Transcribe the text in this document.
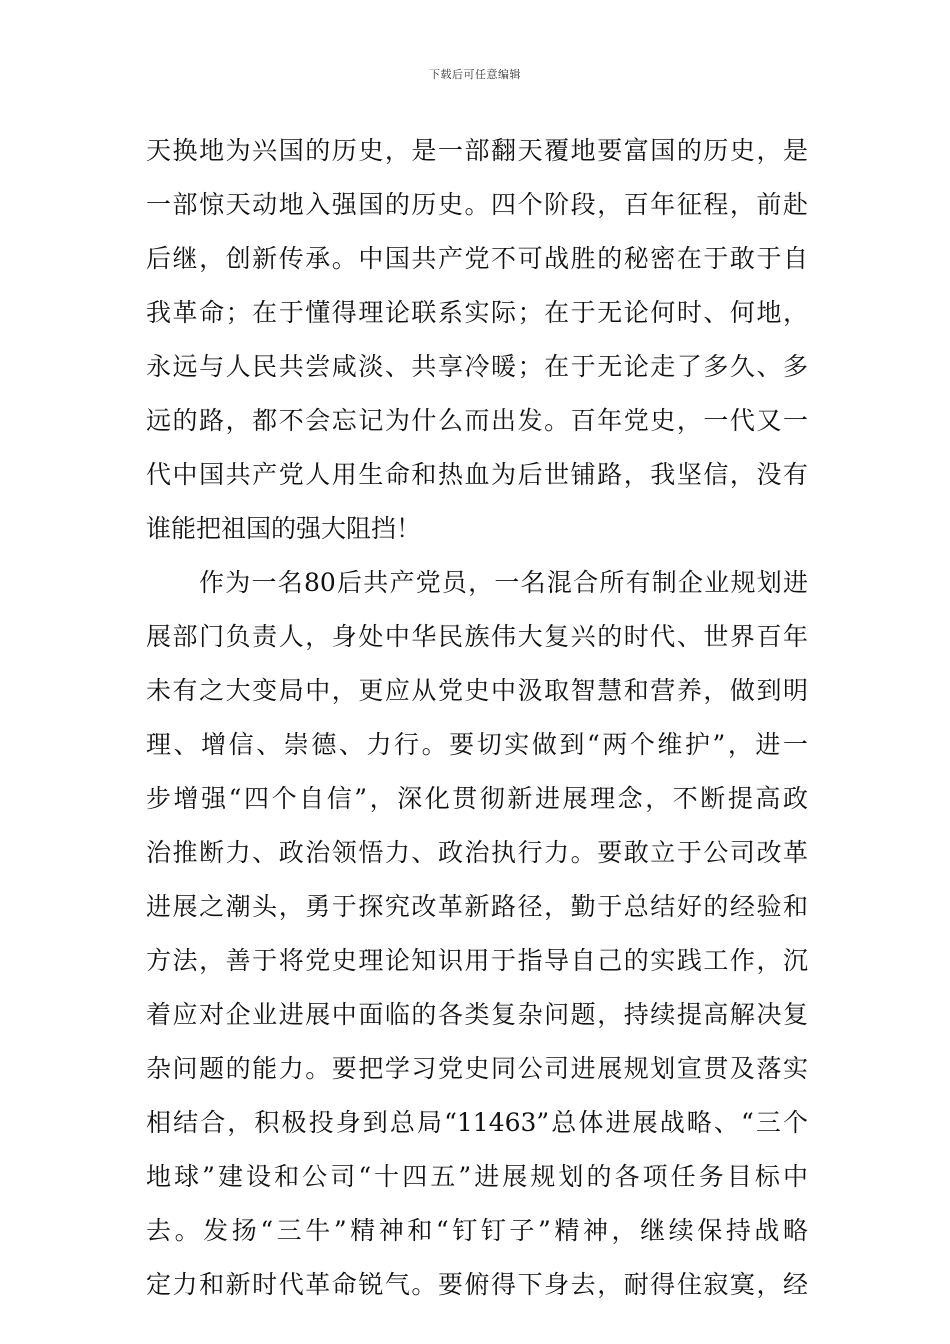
下载后可任意编辑
天换地为兴国的历史，是一部翻天覆地要富国的历史，是
一部惊天动地入强国的历史。四个阶段，百年征程，前赴
后继，创新传承。中国共产党不可战胜的秘密在于敢于自
我革命；在于懂得理论联系实际；在于无论何时、何地，
永远与人民共尝咸淡、共享冷暖；在于无论走了多久、多
远的路，都不会忘记为什么而出发。百年党史，一代又一
代中国共产党人用生命和热血为后世铺路，我坚信，没有
谁能把祖国的强大阻挡！
作为一名80后共产党员，一名混合所有制企业规划进
展部门负责人，身处中华民族伟大复兴的时代、世界百年
未有之大变局中，更应从党史中汲取智慧和营养，做到明
理、增信、崇德、力行。要切实做到“两个维护”，进一
步增强“四个自信”，深化贯彻新进展理念，不断提高政
治推断力、政治领悟力、政治执行力。要敢立于公司改革
进展之潮头，勇于探究改革新路径，勤于总结好的经验和
方法，善于将党史理论知识用于指导自己的实践工作，沉
着应对企业进展中面临的各类复杂问题，持续提高解决复
杂问题的能力。要把学习党史同公司进展规划宣贯及落实
相结合，积极投身到总局“11463”总体进展战略、“三个
地球”建设和公司“十四五”进展规划的各项任务目标中
去。发扬“三牛”精神和“钉钉子”精神，继续保持战略
定力和新时代革命锐气。要俯得下身去，耐得住寂寞，经
